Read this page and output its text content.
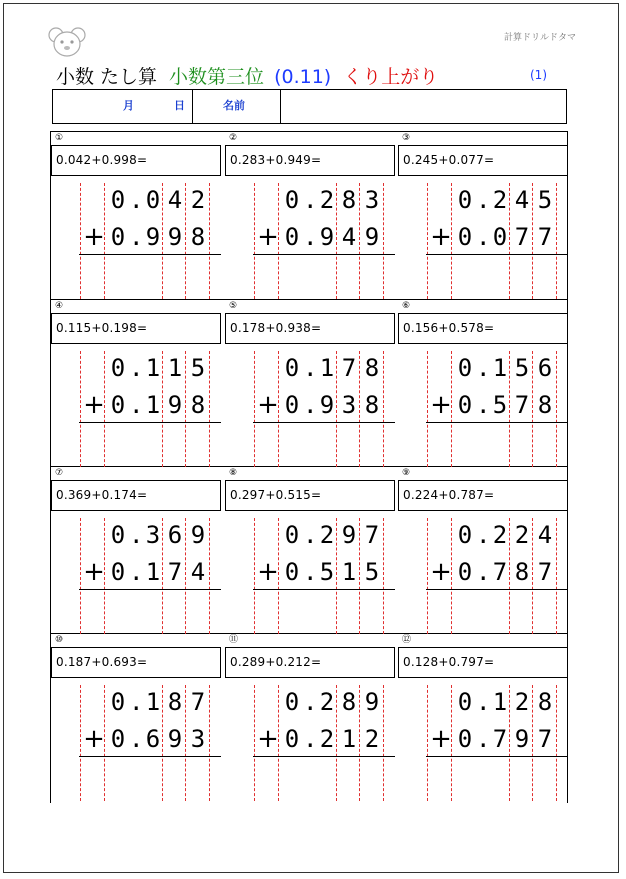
計算ドリルドタマ
小数 たし算 小数第三位 (0.11) くり上がり	(1)
月	日	名前
①
0.042+0.998=
0 . 0 4 2
0 . 9 9 8
+
②
0.283+0.949=
0 . 2 8 3
0 . 9 4 9
+
③
0.245+0.077=
0 . 2 4 5
0 . 0 7 7
+
④
0.115+0.198=
0 . 1 1 5
0 . 1 9 8
+
⑤
0.178+0.938=
0 . 1 7 8
0 . 9 3 8
+
⑥
0.156+0.578=
0 . 1 5 6
0 . 5 7 8
+
⑦
0.369+0.174=
0 . 3 6 9
0 . 1 7 4
+
⑧
0.297+0.515=
0 . 2 9 7
0 . 5 1 5
+
⑨
0.224+0.787=
0 . 2 2 4
0 . 7 8 7
+
⑩
0.187+0.693=
0 . 1 8 7
0 . 6 9 3
+
⑪
0.289+0.212=
0 . 2 8 9
0 . 2 1 2
+
⑫
0.128+0.797=
0 . 1 2 8
0 . 7 9 7
+
